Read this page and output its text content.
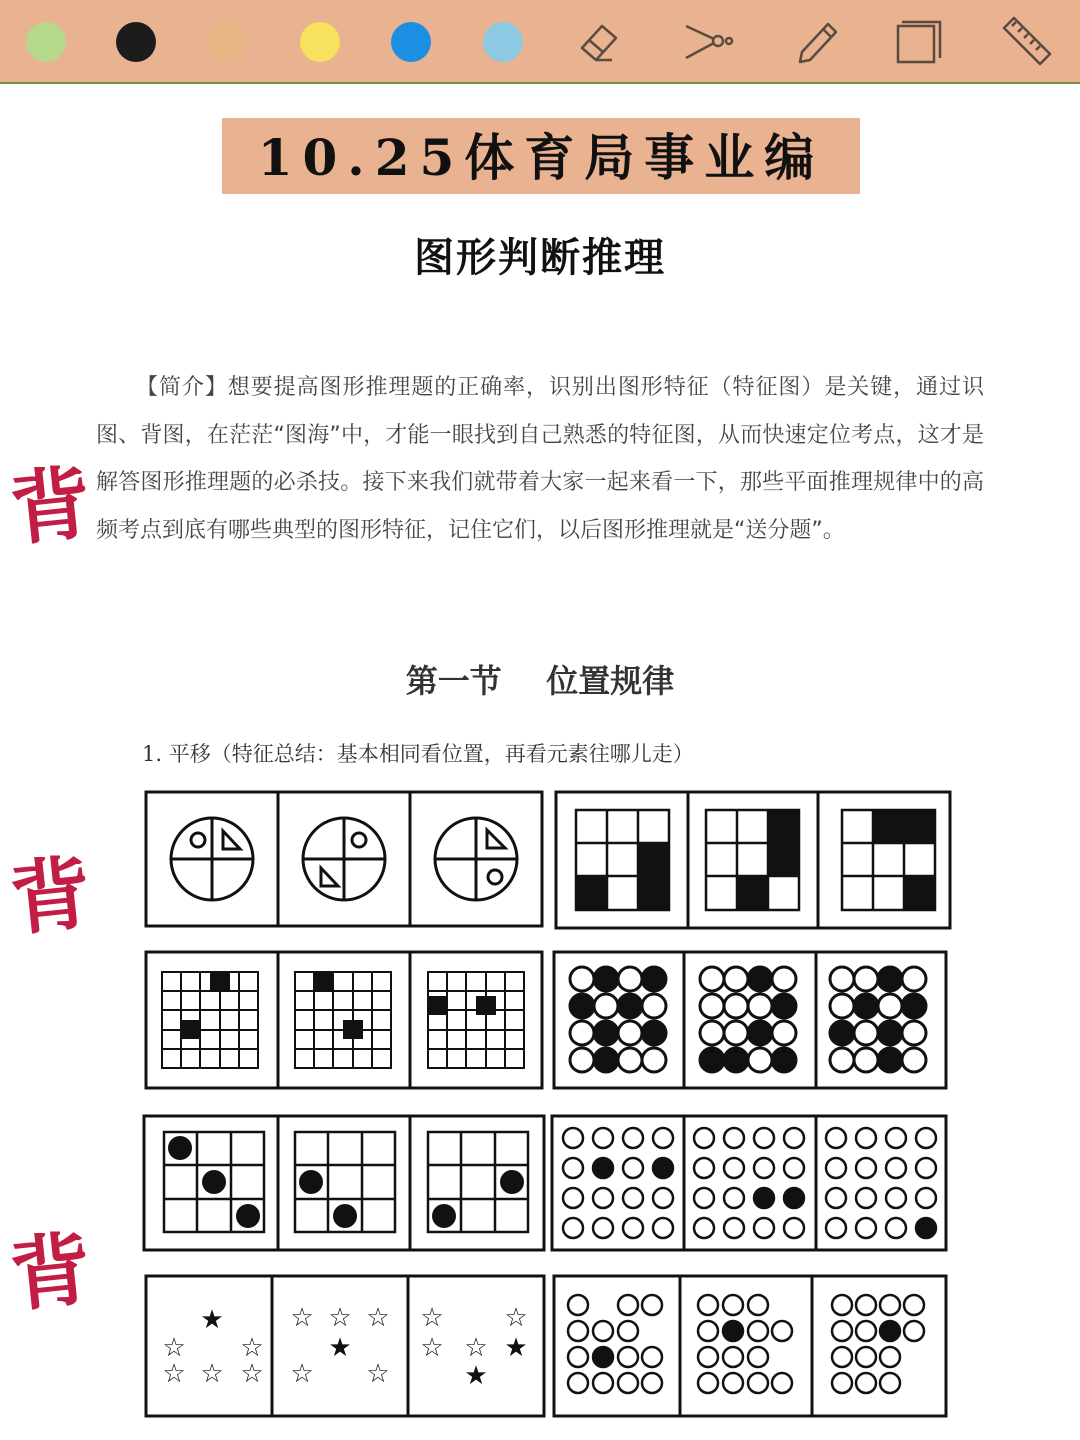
10.25体育局事业编
图形判断推理
【简介】想要提高图形推理题的正确率，识别出图形特征（特征图）是关键，通过识图、背图，在茫茫“图海”中，才能一眼找到自己熟悉的特征图，从而快速定位考点，这才是解答图形推理题的必杀技。接下来我们就带着大家一起来看一下，那些平面推理规律中的高频考点到底有哪些典型的图形特征，记住它们，以后图形推理就是“送分题”。
背
背
背
第一节    位置规律
1. 平移（特征总结：基本相同看位置，再看元素往哪儿走）
★
☆ ☆
☆ ☆ ☆
☆ ☆ ☆
★
☆ ☆
☆ ☆
☆ ☆ ★
★
